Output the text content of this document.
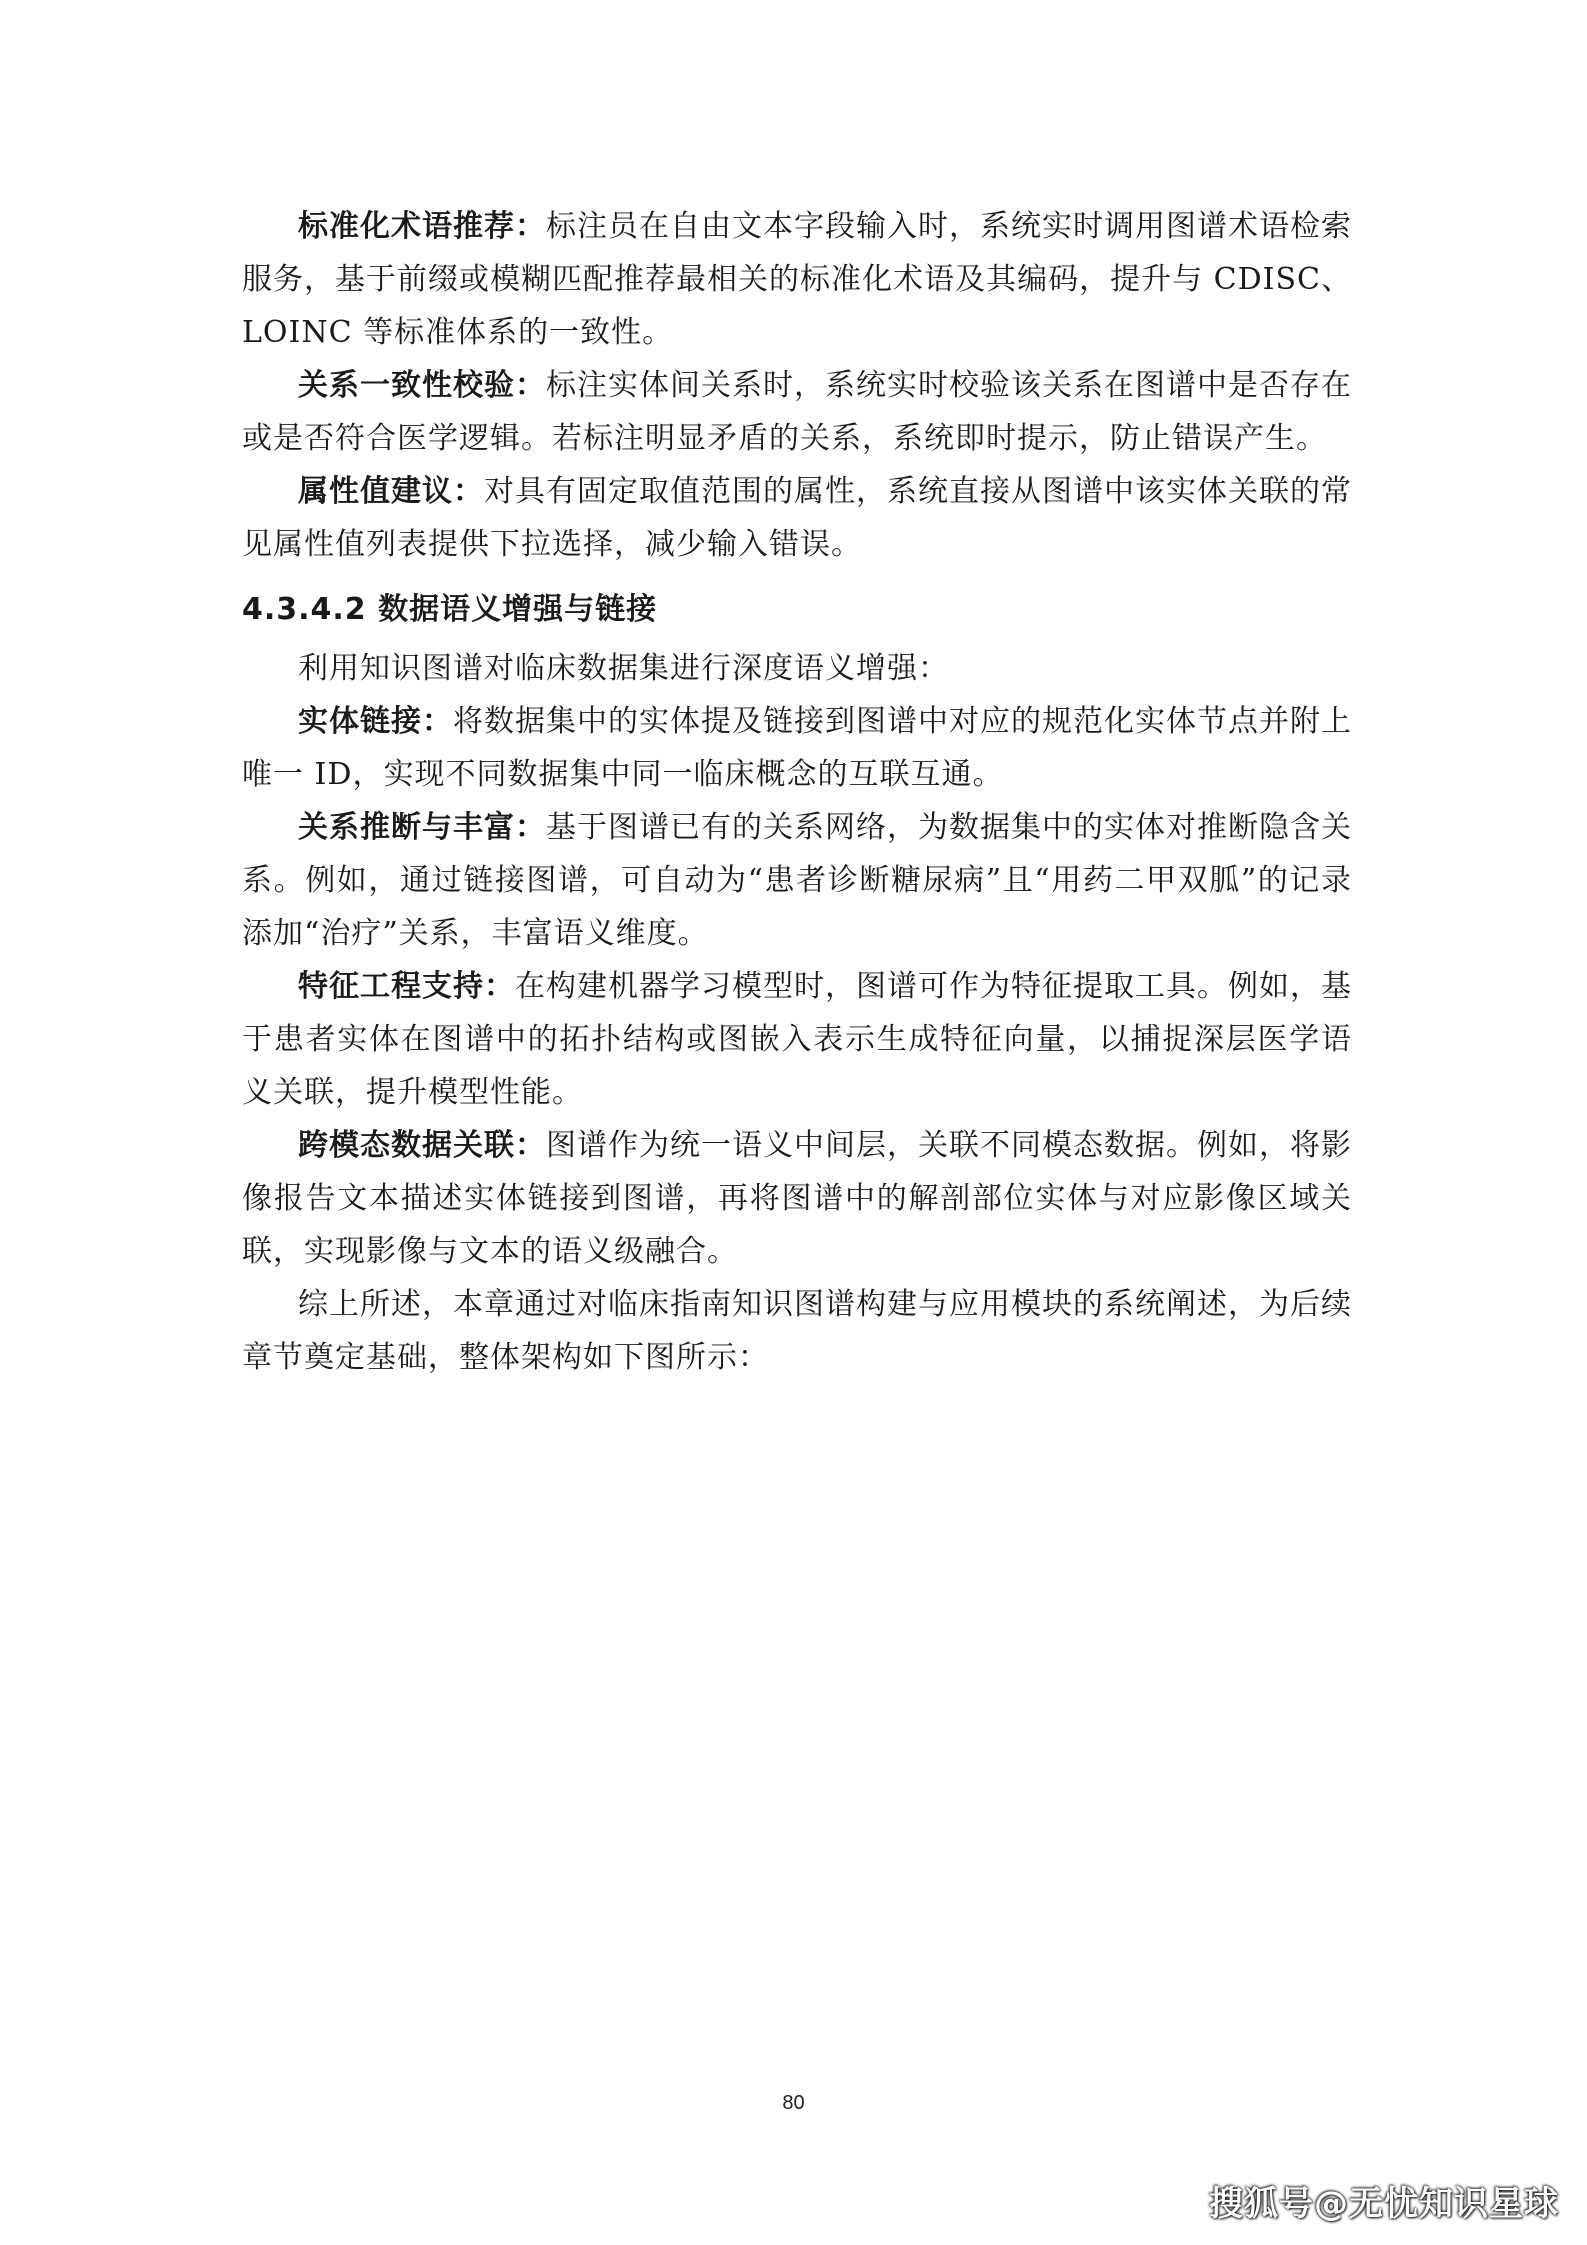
标准化术语推荐：标注员在自由文本字段输入时，系统实时调用图谱术语检索服务，基于前缀或模糊匹配推荐最相关的标准化术语及其编码，提升与 CDISC、LOINC 等标准体系的一致性。

关系一致性校验：标注实体间关系时，系统实时校验该关系在图谱中是否存在或是否符合医学逻辑。若标注明显矛盾的关系，系统即时提示，防止错误产生。

属性值建议：对具有固定取值范围的属性，系统直接从图谱中该实体关联的常见属性值列表提供下拉选择，减少输入错误。

4.3.4.2 数据语义增强与链接

利用知识图谱对临床数据集进行深度语义增强：

实体链接：将数据集中的实体提及链接到图谱中对应的规范化实体节点并附上唯一 ID，实现不同数据集中同一临床概念的互联互通。

关系推断与丰富：基于图谱已有的关系网络，为数据集中的实体对推断隐含关系。例如，通过链接图谱，可自动为“患者诊断糖尿病”且“用药二甲双胍”的记录添加“治疗”关系，丰富语义维度。

特征工程支持：在构建机器学习模型时，图谱可作为特征提取工具。例如，基于患者实体在图谱中的拓扑结构或图嵌入表示生成特征向量，以捕捉深层医学语义关联，提升模型性能。

跨模态数据关联：图谱作为统一语义中间层，关联不同模态数据。例如，将影像报告文本描述实体链接到图谱，再将图谱中的解剖部位实体与对应影像区域关联，实现影像与文本的语义级融合。

综上所述，本章通过对临床指南知识图谱构建与应用模块的系统阐述，为后续章节奠定基础，整体架构如下图所示：

80
搜狐号@无忧知识星球
